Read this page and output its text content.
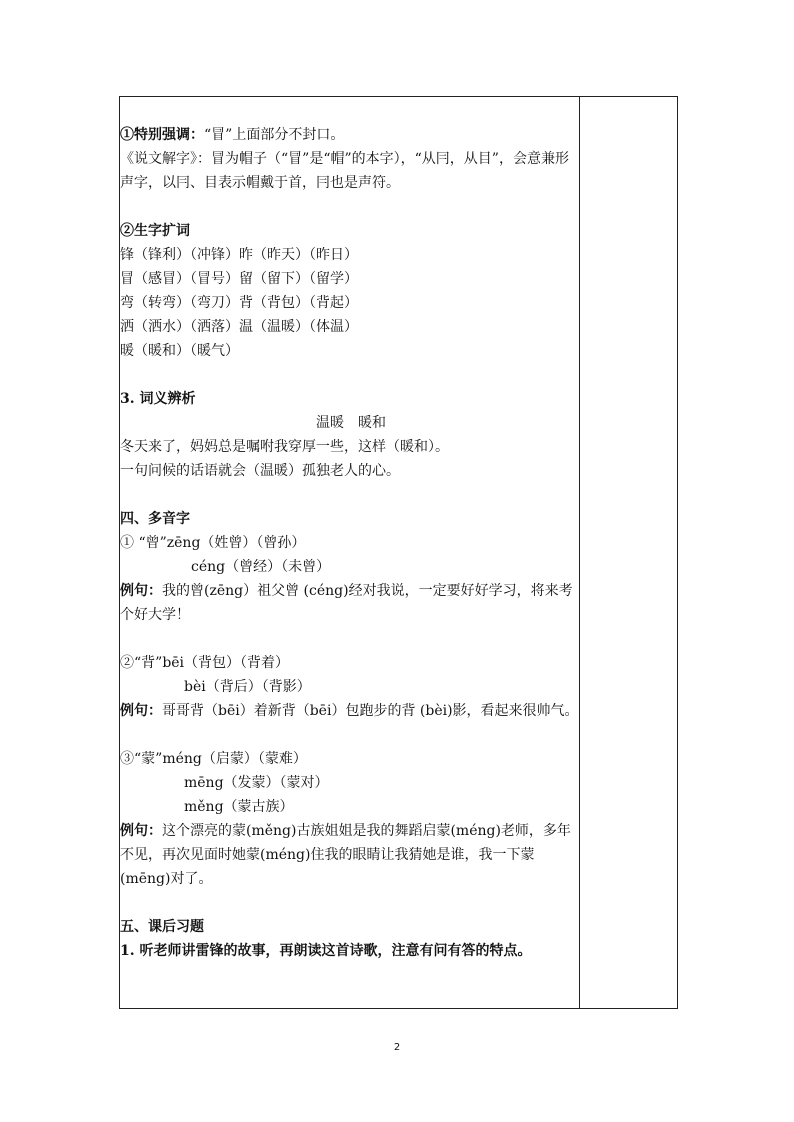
①特别强调：“冒”上面部分不封口。
《说文解字》：冒为帽子（“冒”是“帽”的本字），“从冃，从目”，会意兼形声字，以冃、目表示帽戴于首，冃也是声符。
②生字扩词
锋（锋利）（冲锋）昨（昨天）（昨日）
冒（感冒）（冒号）留（留下）（留学）
弯（转弯）（弯刀）背（背包）（背起）
洒（洒水）（洒落）温（温暖）（体温）
暖（暖和）（暖气）
3. 词义辨析
温暖　暖和
冬天来了，妈妈总是嘱咐我穿厚一些，这样（暖和）。
一句问候的话语就会（温暖）孤独老人的心。
四、多音字
① “曾”zēng（姓曾）（曾孙）
céng（曾经）（未曾）
例句：我的曾(zēng）祖父曾 (céng)经对我说，一定要好好学习，将来考个好大学！
②“背”bēi（背包）（背着）
bèi（背后）（背影）
例句：哥哥背（bēi）着新背（bēi）包跑步的背 (bèi)影，看起来很帅气。
③“蒙”méng（启蒙）（蒙难）
mēng（发蒙）（蒙对）
měng（蒙古族）
例句：这个漂亮的蒙(měng)古族姐姐是我的舞蹈启蒙(méng)老师，多年不见，再次见面时她蒙(méng)住我的眼睛让我猜她是谁，我一下蒙 (mēng)对了。
五、课后习题
1. 听老师讲雷锋的故事，再朗读这首诗歌，注意有问有答的特点。
2
